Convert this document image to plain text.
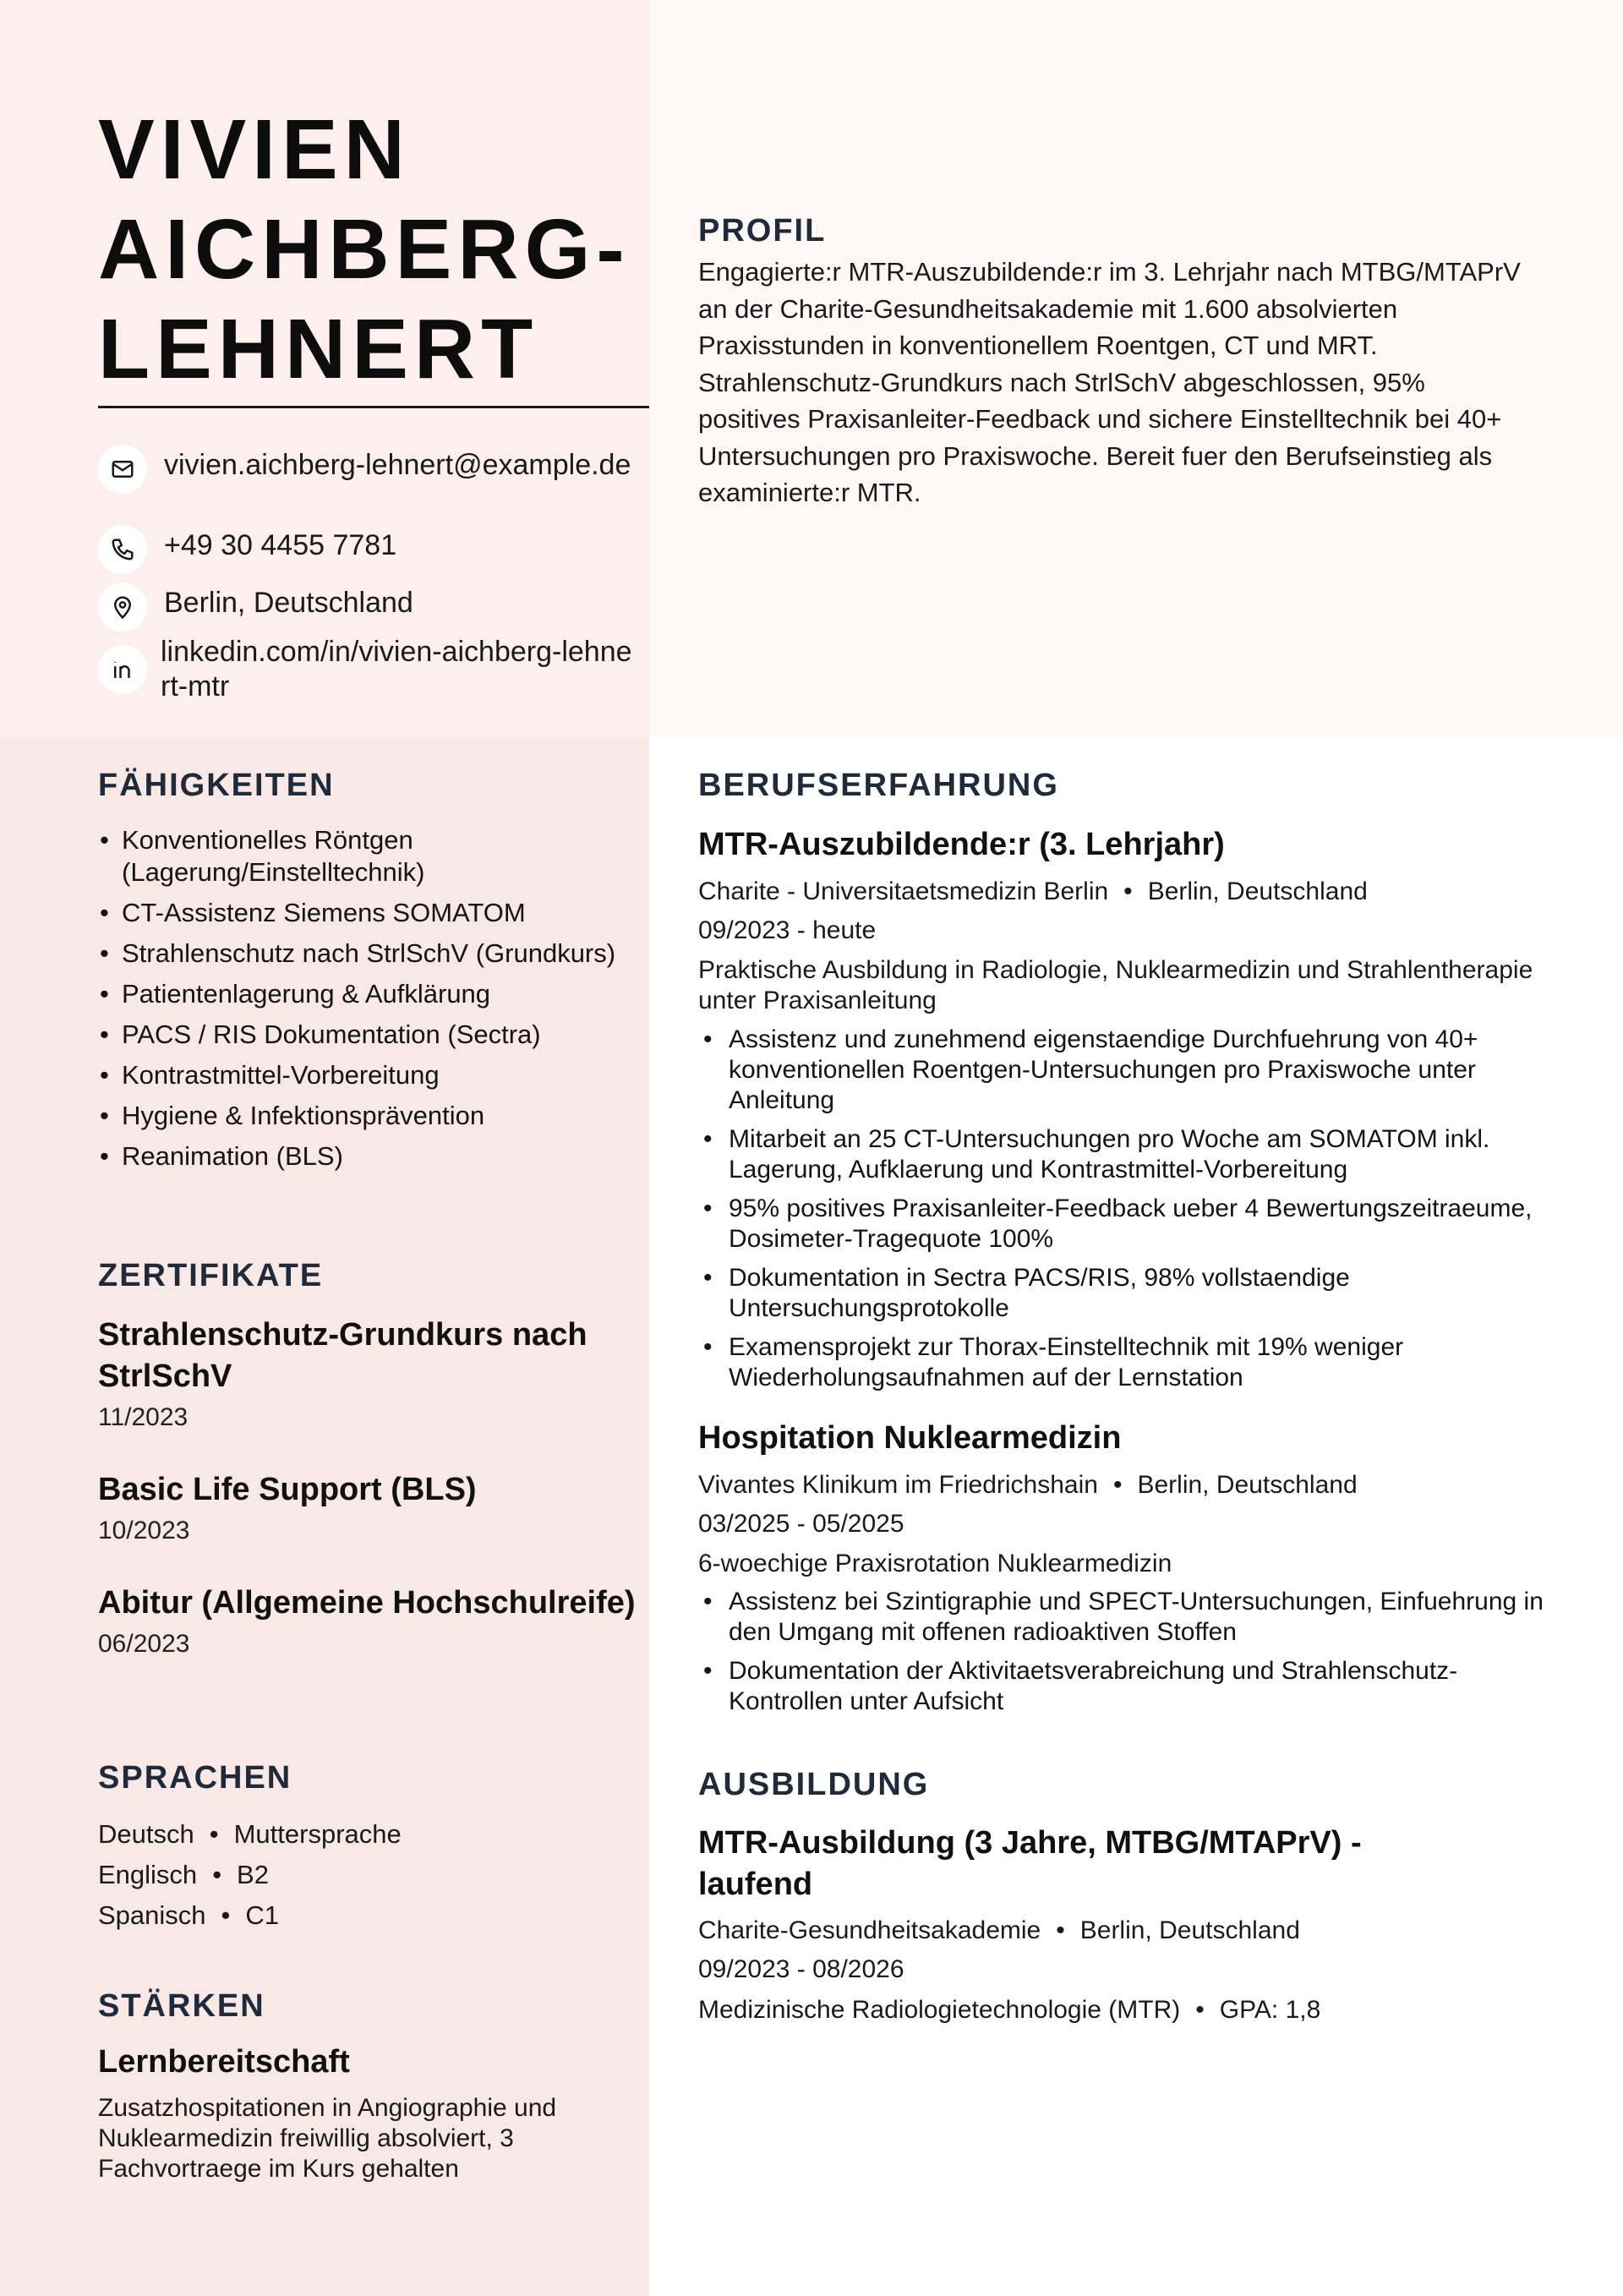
VIVIEN
AICHBERG-
LEHNERT
vivien.aichberg-lehnert@example.de
+49 30 4455 7781
Berlin, Deutschland
linkedin.com/in/vivien-aichberg-lehnert-mtr
PROFIL
Engagierte:r MTR-Auszubildende:r im 3. Lehrjahr nach MTBG/MTAPrV an der Charite-Gesundheitsakademie mit 1.600 absolvierten Praxisstunden in konventionellem Roentgen, CT und MRT. Strahlenschutz-Grundkurs nach StrlSchV abgeschlossen, 95% positives Praxisanleiter-Feedback und sichere Einstelltechnik bei 40+ Untersuchungen pro Praxiswoche. Bereit fuer den Berufseinstieg als examinierte:r MTR.
FÄHIGKEITEN
• Konventionelles Röntgen (Lagerung/Einstelltechnik)
• CT-Assistenz Siemens SOMATOM
• Strahlenschutz nach StrlSchV (Grundkurs)
• Patientenlagerung & Aufklärung
• PACS / RIS Dokumentation (Sectra)
• Kontrastmittel-Vorbereitung
• Hygiene & Infektionsprävention
• Reanimation (BLS)
ZERTIFIKATE
Strahlenschutz-Grundkurs nach StrlSchV
11/2023
Basic Life Support (BLS)
10/2023
Abitur (Allgemeine Hochschulreife)
06/2023
SPRACHEN
Deutsch • Muttersprache
Englisch • B2
Spanisch • C1
STÄRKEN
Lernbereitschaft
Zusatzhospitationen in Angiographie und Nuklearmedizin freiwillig absolviert, 3 Fachvortraege im Kurs gehalten
BERUFSERFAHRUNG
MTR-Auszubildende:r (3. Lehrjahr)
Charite - Universitaetsmedizin Berlin • Berlin, Deutschland
09/2023 - heute
Praktische Ausbildung in Radiologie, Nuklearmedizin und Strahlentherapie unter Praxisanleitung
• Assistenz und zunehmend eigenstaendige Durchfuehrung von 40+ konventionellen Roentgen-Untersuchungen pro Praxiswoche unter Anleitung
• Mitarbeit an 25 CT-Untersuchungen pro Woche am SOMATOM inkl. Lagerung, Aufklaerung und Kontrastmittel-Vorbereitung
• 95% positives Praxisanleiter-Feedback ueber 4 Bewertungszeitraeume, Dosimeter-Tragequote 100%
• Dokumentation in Sectra PACS/RIS, 98% vollstaendige Untersuchungsprotokolle
• Examensprojekt zur Thorax-Einstelltechnik mit 19% weniger Wiederholungsaufnahmen auf der Lernstation
Hospitation Nuklearmedizin
Vivantes Klinikum im Friedrichshain • Berlin, Deutschland
03/2025 - 05/2025
6-woechige Praxisrotation Nuklearmedizin
• Assistenz bei Szintigraphie und SPECT-Untersuchungen, Einfuehrung in den Umgang mit offenen radioaktiven Stoffen
• Dokumentation der Aktivitaetsverabreichung und Strahlenschutz-Kontrollen unter Aufsicht
AUSBILDUNG
MTR-Ausbildung (3 Jahre, MTBG/MTAPrV) - laufend
Charite-Gesundheitsakademie • Berlin, Deutschland
09/2023 - 08/2026
Medizinische Radiologietechnologie (MTR) • GPA: 1,8
